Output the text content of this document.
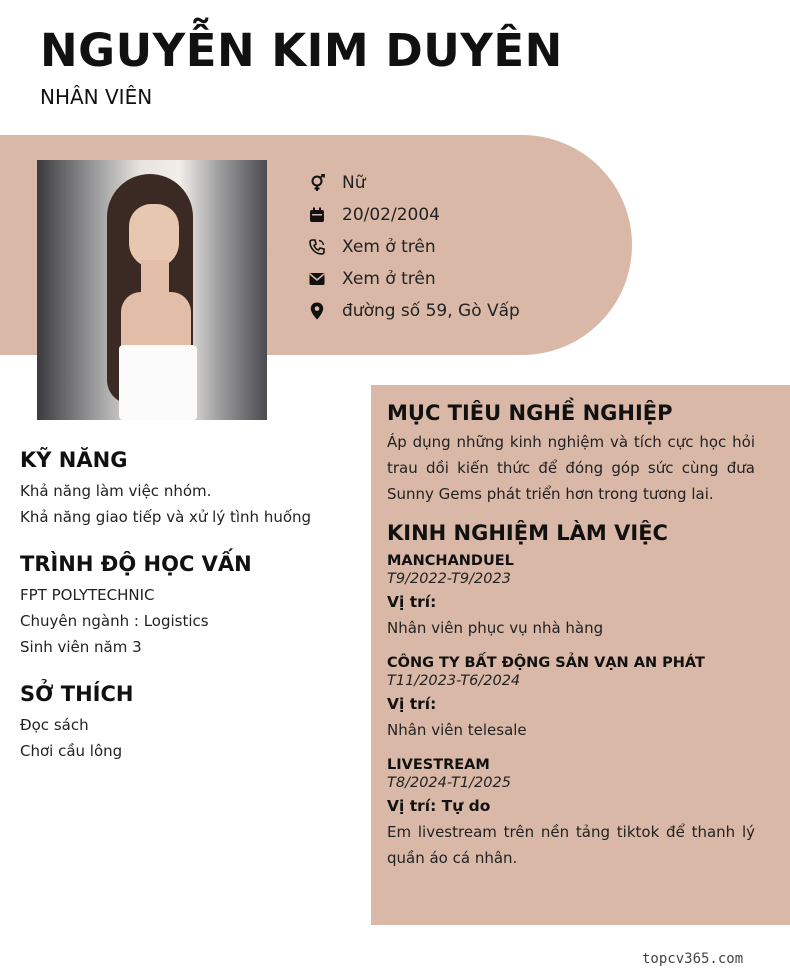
NGUYỄN KIM DUYÊN
NHÂN VIÊN
Nữ
20/02/2004
Xem ở trên
Xem ở trên
đường số 59, Gò Vấp
KỸ NĂNG
Khả năng làm việc nhóm.
Khả năng giao tiếp và xử lý tình huống
TRÌNH ĐỘ HỌC VẤN
FPT POLYTECHNIC
Chuyên ngành : Logistics
Sinh viên năm 3
SỞ THÍCH
Đọc sách
Chơi cầu lông
MỤC TIÊU NGHỀ NGHIỆP
Áp dụng những kinh nghiệm và tích cực học hỏi trau dồi kiến thức để đóng góp sức cùng đưa Sunny Gems phát triển hơn trong tương lai.
KINH NGHIỆM LÀM VIỆC
MANCHANDUEL
T9/2022-T9/2023
Vị trí:
Nhân viên phục vụ nhà hàng
CÔNG TY BẤT ĐỘNG SẢN VẠN AN PHÁT
T11/2023-T6/2024
Vị trí:
Nhân viên telesale
LIVESTREAM
T8/2024-T1/2025
Vị trí: Tự do
Em livestream trên nền tảng tiktok để thanh lý quần áo cá nhân.
topcv365.com
